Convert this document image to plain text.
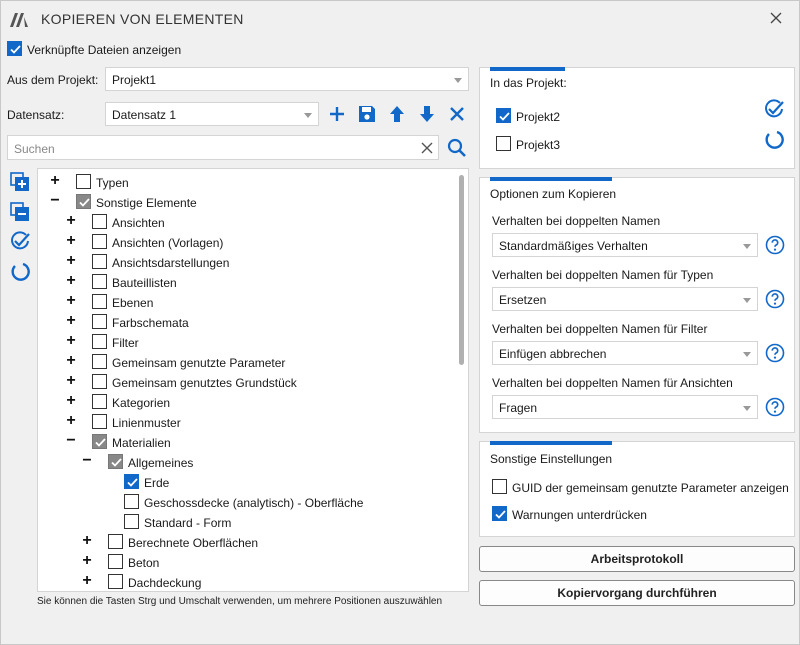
KOPIEREN VON ELEMENTEN
Verknüpfte Dateien anzeigen
Aus dem Projekt: Projekt1
Datensatz:	Datensatz 1
Suchen
+	Typen
−	Sonstige Elemente
+	Ansichten
+	Ansichten (Vorlagen)
+	Ansichtsdarstellungen
+	Bauteillisten
+	Ebenen
+	Farbschemata
+	Filter
+	Gemeinsam genutzte Parameter
+	Gemeinsam genutztes Grundstück
+	Kategorien
+	Linienmuster
−	Materialien
−	Allgemeines
Erde
Geschossdecke (analytisch) - Oberfläche
Standard - Form
+	Berechnete Oberflächen
+	Beton
+	Dachdeckung
Sie können die Tasten Strg und Umschalt verwenden, um mehrere Positionen auszuwählen
In das Projekt:
Projekt2
Projekt3
Optionen zum Kopieren
Verhalten bei doppelten Namen
Standardmäßiges Verhalten
Verhalten bei doppelten Namen für Typen
Ersetzen
Verhalten bei doppelten Namen für Filter
Einfügen abbrechen
Verhalten bei doppelten Namen für Ansichten
Fragen
Sonstige Einstellungen
GUID der gemeinsam genutzte Parameter anzeigen
Warnungen unterdrücken
Arbeitsprotokoll
Kopiervorgang durchführen
